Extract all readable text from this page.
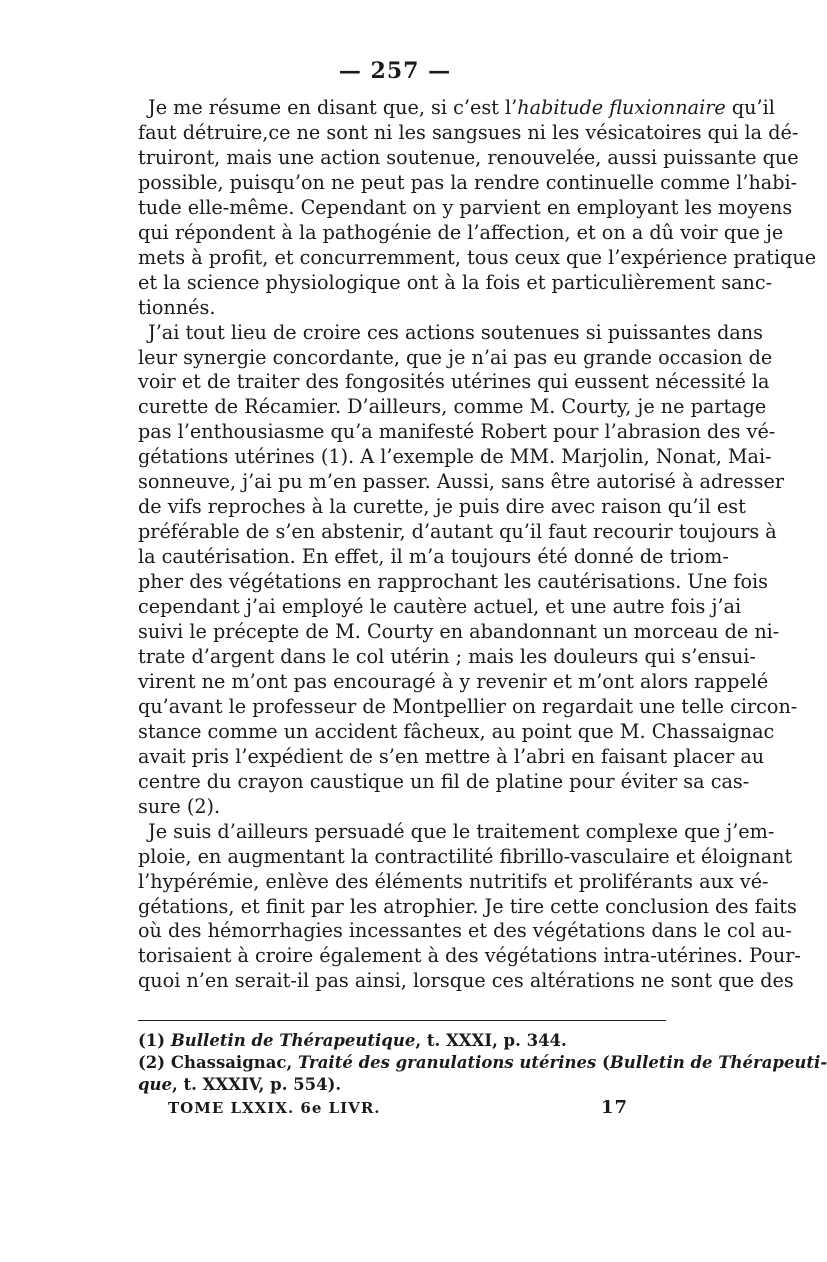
— 257 —

Je me résume en disant que, si c’est l’habitude fluxionnaire qu’il
faut détruire,ce ne sont ni les sangsues ni les vésicatoires qui la dé-
truiront, mais une action soutenue, renouvelée, aussi puissante que
possible, puisqu’on ne peut pas la rendre continuelle comme l’habi-
tude elle-même. Cependant on y parvient en employant les moyens
qui répondent à la pathogénie de l’affection, et on a dû voir que je
mets à profit, et concurremment, tous ceux que l’expérience pratique
et la science physiologique ont à la fois et particulièrement sanc-
tionnés.

J’ai tout lieu de croire ces actions soutenues si puissantes dans
leur synergie concordante, que je n’ai pas eu grande occasion de
voir et de traiter des fongosités utérines qui eussent nécessité la
curette de Récamier. D’ailleurs, comme M. Courty, je ne partage
pas l’enthousiasme qu’a manifesté Robert pour l’abrasion des vé-
gétations utérines (1). A l’exemple de MM. Marjolin, Nonat, Mai-
sonneuve, j’ai pu m’en passer. Aussi, sans être autorisé à adresser
de vifs reproches à la curette, je puis dire avec raison qu’il est
préférable de s’en abstenir, d’autant qu’il faut recourir toujours à
la cautérisation. En effet, il m’a toujours été donné de triom-
pher des végétations en rapprochant les cautérisations. Une fois
cependant j’ai employé le cautère actuel, et une autre fois j’ai
suivi le précepte de M. Courty en abandonnant un morceau de ni-
trate d’argent dans le col utérin ; mais les douleurs qui s’ensui-
virent ne m’ont pas encouragé à y revenir et m’ont alors rappelé
qu’avant le professeur de Montpellier on regardait une telle circon-
stance comme un accident fâcheux, au point que M. Chassaignac
avait pris l’expédient de s’en mettre à l’abri en faisant placer au
centre du crayon caustique un fil de platine pour éviter sa cas-
sure (2).

Je suis d’ailleurs persuadé que le traitement complexe que j’em-
ploie, en augmentant la contractilité fibrillo-vasculaire et éloignant
l’hypérémie, enlève des éléments nutritifs et proliférants aux vé-
gétations, et finit par les atrophier. Je tire cette conclusion des faits
où des hémorrhagies incessantes et des végétations dans le col au-
torisaient à croire également à des végétations intra-utérines. Pour-
quoi n’en serait-il pas ainsi, lorsque ces altérations ne sont que des

(1) Bulletin de Thérapeutique, t. XXXI, p. 344.
(2) Chassaignac, Traité des granulations utérines (Bulletin de Thérapeuti-
que, t. XXXIV, p. 554).
TOME LXXIX. 6e LIVR.	17
